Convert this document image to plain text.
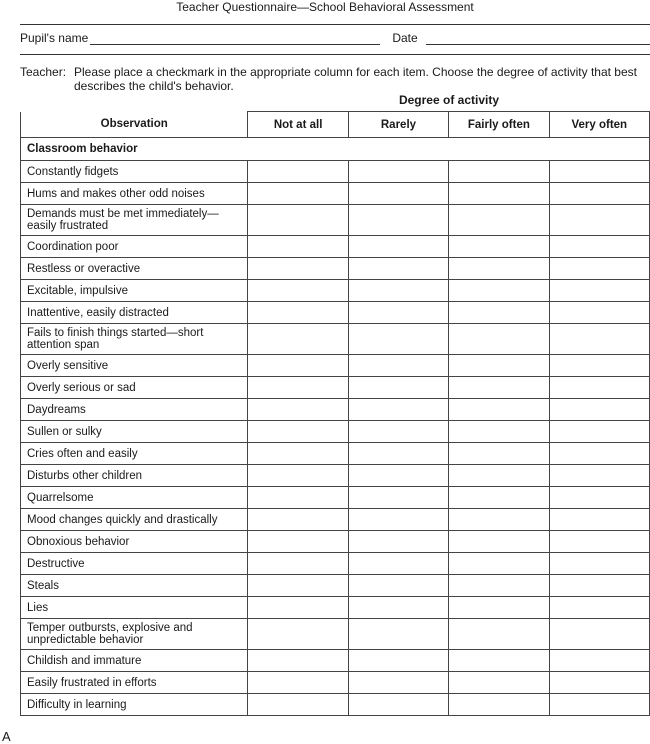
Teacher Questionnaire—School Behavioral Assessment
Pupil's name	Date
Teacher: Please place a checkmark in the appropriate column for each item. Choose the degree of activity that best
describes the child's behavior.
Degree of activity
Observation	Not at all	Rarely	Fairly often	Very often
Classroom behavior				
Constantly fidgets				
Hums and makes other odd noises				
Demands must be met immediately—easily frustrated				
Coordination poor				
Restless or overactive				
Excitable, impulsive				
Inattentive, easily distracted				
Fails to finish things started—short attention span				
Overly sensitive				
Overly serious or sad				
Daydreams				
Sullen or sulky				
Cries often and easily				
Disturbs other children				
Quarrelsome				
Mood changes quickly and drastically				
Obnoxious behavior				
Destructive				
Steals				
Lies				
Temper outbursts, explosive and unpredictable behavior				
Childish and immature				
Easily frustrated in efforts				
Difficulty in learning				
A
